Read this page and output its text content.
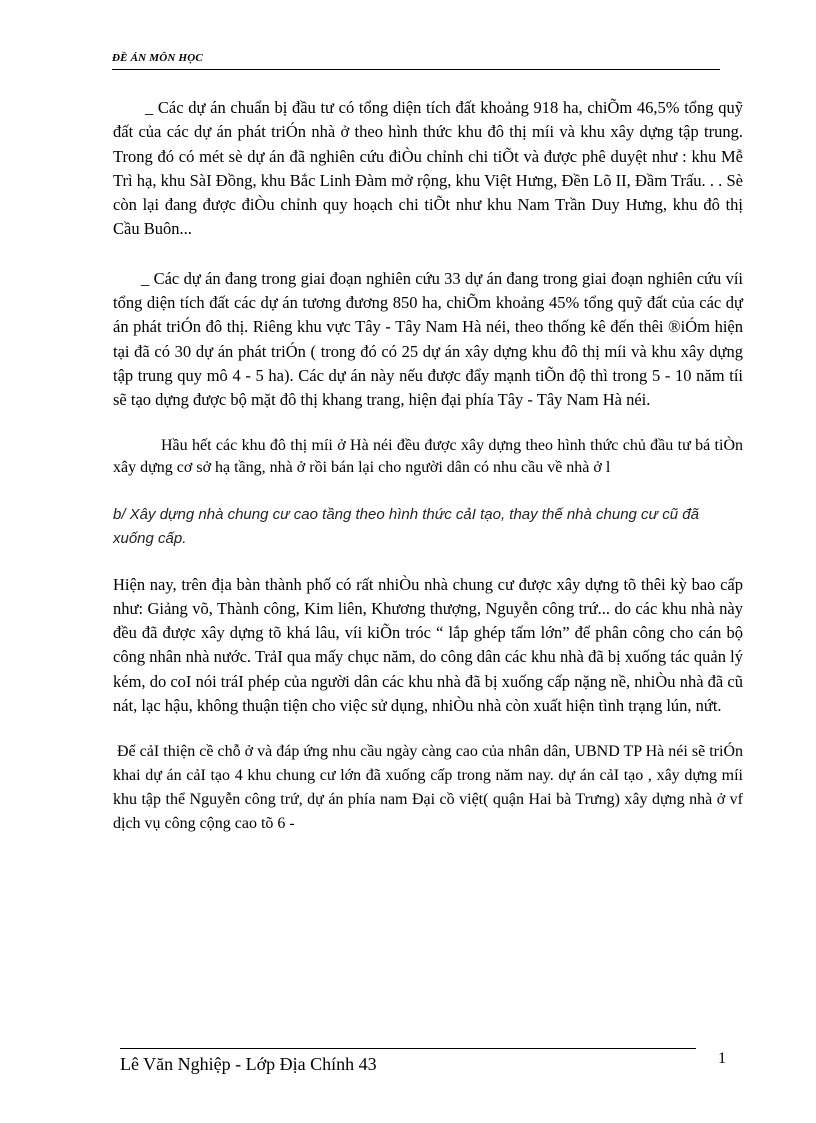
ĐỀ ÁN MÔN HỌC

_ Các dự án chuẩn bị đầu tư có tổng diện tích đất khoảng 918 ha, chiÕm 46,5% tổng quỹ đất của các dự án phát triÓn nhà ở theo hình thức khu đô thị míi và khu xây dựng tập trung. Trong đó có mét sè dự án đã nghiên cứu điÒu chỉnh chi tiÕt và được phê duyệt như : khu Mễ Trì hạ, khu SàI Đồng, khu Bắc Linh Đàm mở rộng, khu Việt Hưng, Đền Lõ II, Đầm Trấu. . . Sè còn lại đang được điÒu chỉnh quy hoạch chi tiÕt như khu Nam Trần Duy Hưng, khu đô thị Cầu Buôn...

_ Các dự án đang trong giai đoạn nghiên cứu 33 dự án đang trong giai đoạn nghiên cứu víi tổng diện tích đất các dự án tương đương 850 ha, chiÕm khoảng 45% tổng quỹ đất của các dự án phát triÓn đô thị. Riêng khu vực Tây - Tây Nam Hà néi, theo thống kê đến thêi ®iÓm hiện tại đã có 30 dự án phát triÓn ( trong đó có 25 dự án xây dựng khu đô thị míi và khu xây dựng tập trung quy mô 4 - 5 ha). Các dự án này nếu được đẩy mạnh tiÕn độ thì trong 5 - 10 năm tíi sẽ tạo dựng được bộ mặt đô thị khang trang, hiện đại phía Tây - Tây Nam Hà néi.

Hầu hết các khu đô thị míi ở Hà néi đều được xây dựng theo hình thức chủ đầu tư bá tiÒn xây dựng cơ sở hạ tầng, nhà ở rồi bán lại cho người dân có nhu cầu về nhà ở l

b/ Xây dựng nhà chung cư cao tầng theo hình thức cảI tạo, thay thế nhà chung cư cũ đã xuống cấp.

Hiện nay, trên địa bàn thành phố có rất nhiÒu nhà chung cư được xây dựng tõ thêi kỳ bao cấp như: Giảng võ, Thành công, Kim liên, Khương thượng, Nguyễn công trứ... do các khu nhà này đều đã được xây dựng tõ khá lâu, víi kiÕn tróc “ lắp ghép tấm lớn” để phân công cho cán bộ công nhân nhà nước. TrảI qua mấy chục năm, do công dân các khu nhà đã bị xuống tác quản lý kém, do coI nói tráI phép của người dân các khu nhà đã bị xuống cấp nặng nề, nhiÒu nhà đã cũ nát, lạc hậu, không thuận tiện cho việc sử dụng, nhiÒu nhà còn xuất hiện tình trạng lún, nứt.

Để cảI thiện cề chỗ ở và đáp ứng nhu cầu ngày càng cao của nhân dân, UBND TP Hà néi sẽ triÓn khai dự án cảI tạo 4 khu chung cư lớn đã xuống cấp trong năm nay. dự án cảI tạo , xây dựng míi khu tập thể Nguyễn công trứ, dự án phía nam Đại cồ việt( quận Hai bà Trưng) xây dựng nhà ở vf dịch vụ công cộng cao tõ 6 -

Lê Văn Nghiệp - Lớp Địa Chính 43	1
